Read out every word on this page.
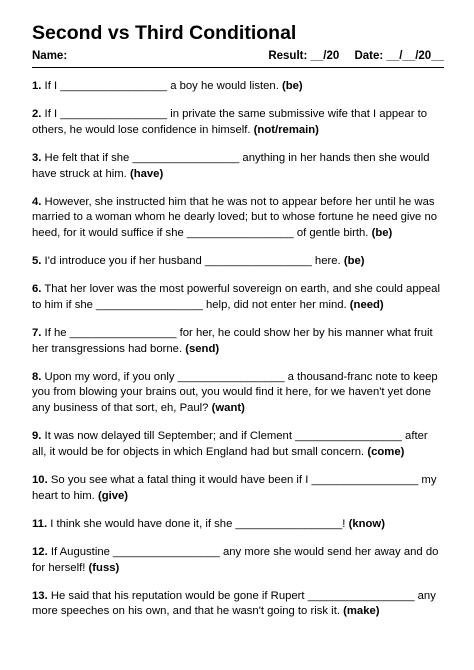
Second vs Third Conditional
Name:	Result: __/20 Date: __/__/20__
1. If I _________________ a boy he would listen. (be)
2. If I _________________ in private the same submissive wife that I appear to others, he would lose confidence in himself. (not/remain)
3. He felt that if she _________________ anything in her hands then she would have struck at him. (have)
4. However, she instructed him that he was not to appear before her until he was married to a woman whom he dearly loved; but to whose fortune he need give no heed, for it would suffice if she _________________ of gentle birth. (be)
5. I'd introduce you if her husband _________________ here. (be)
6. That her lover was the most powerful sovereign on earth, and she could appeal to him if she _________________ help, did not enter her mind. (need)
7. If he _________________ for her, he could show her by his manner what fruit her transgressions had borne. (send)
8. Upon my word, if you only _________________ a thousand-franc note to keep you from blowing your brains out, you would find it here, for we haven't yet done any business of that sort, eh, Paul? (want)
9. It was now delayed till September; and if Clement _________________ after all, it would be for objects in which England had but small concern. (come)
10. So you see what a fatal thing it would have been if I _________________ my heart to him. (give)
11. I think she would have done it, if she _________________! (know)
12. If Augustine _________________ any more she would send her away and do for herself! (fuss)
13. He said that his reputation would be gone if Rupert _________________ any more speeches on his own, and that he wasn't going to risk it. (make)
